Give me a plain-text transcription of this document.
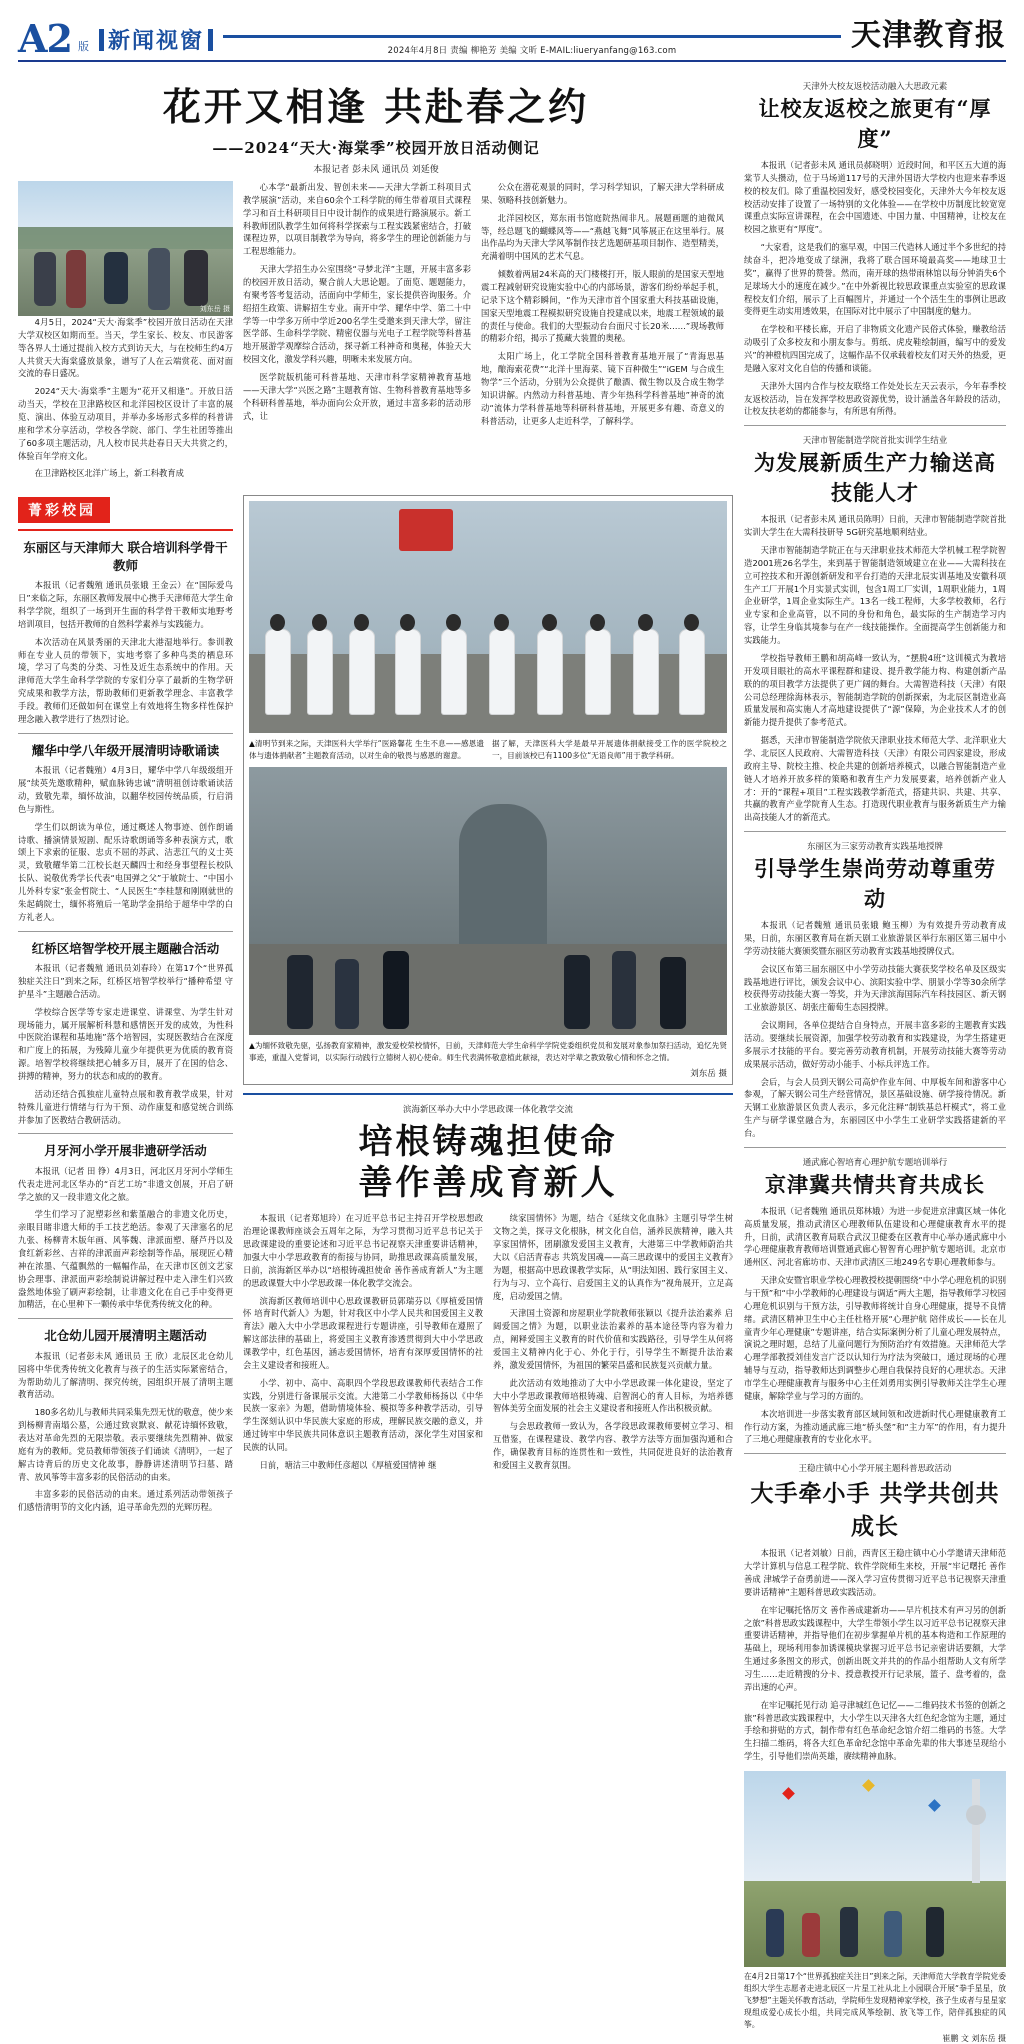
A2 版 新闻视窗	2024年4月8日 责编 柳艳芳 美编 文昕 E-MAIL:liueryanfang@163.com	天津教育报
花开又相逢 共赴春之约
——2024“天大·海棠季”校园开放日活动侧记
本报记者 彭未风 通讯员 刘延俊
刘东岳 摄

4月5日，2024“天大·海棠季”校园开放日活动在天津大学双校区如期而至。当天，学生家长、校友、市民游客等各界人士通过提前入校方式到访天大，与在校师生约4万人共赏天大海棠盛放景象，谱写了人在云端赏花、面对面交流的春日盛况。

2024“天大·海棠季”主题为“花开又相逢”。开放日活动当天，学校在卫津路校区和北洋园校区设计了丰富的展览、演出、体验互动项目，并举办多场形式多样的科普讲座和学术分享活动，学校各学院、部门、学生社团等推出了60多项主题活动，凡人校市民共赴春日天大共赏之约，体验百年学府文化。

在卫津路校区北洋广场上，新工科教育成

心本学“最新出发、智创未来——天津大学新工科项目式教学展演”活动，来自60余个工科学院的师生带着项目式课程学习和百土科研项目日中设计制作的成果进行路演展示。新工科教师团队教学生如何将科学探索与工程实践紧密结合，打破课程边界，以项目制教学为导向，将多学生的理论创新能力与工程思维能力。

天津大学招生办公室围绕“寻梦北洋”主题，开展丰富多彩的校园开放日活动，聚合前人大思论题。了面览、题题能力，有聚考答考复活动，活面向中学师生，家长提供咨询服务。介绍招生政策、讲解招生专业。南开中学、耀华中学、第二十中学等一中学多万所中学近200名学生受邀来到天津大学，留注医学部、生命科学学院、精密仪器与光电子工程学院等科普基地开展游学观摩综合活动，探寻新工科神奇和奥秘，体验天大校园文化，激发学科兴趣，明晰未来发展方向。

医学院版机能可科普基地、天津市科学家精神教育基地——天津大学“兴医之路”主题教育馆、生物科普教育基地等多个科研科普基地，举办面向公众开放，通过丰富多彩的活动形式，让

公众在潜花观景的同时，学习科学知识，了解天津大学科研成果、领略科技创新魅力。

北洋园校区，郑东雨书馆庭院热闹非凡。展题画题的迪微风等，经总题飞的蝴蝶风等——“燕越飞舞”风筝展正在这里举行。展出作品均为天津大学风筝制作技艺选题研基项目制作、造型精美，充满着明中国风的艺术气息。

倾数着两届24米高的天门楼楼打开，版人眼前的是国家天型地震工程减射研究设施实验中心的内部场景，游客们纷纷举起手机，记录下这个精彩瞬间，“作为天津市首个国家重大科技基础设施，国家天型地震工程模拟研究设施自投建成以来，地震工程领域的最的责任与使命。我们的大型振动台台面尺寸长20米……”现场教师的精彩介绍，揭示了揽藏大装置的奥秘。

太阳广场上，化工学院全国科普教育基地开展了“青海思基地，酿海索花费”“北洋十里海菜、镜下百种微生”“iGEM 与合成生物学”三个活动，分别为公众提供了酿酒、微生物以及合成生物学知识讲解。内然动力科普基地、青少年热科学科普基地”神奇的流动“流体力学科普基地等科研科普基地，开展更多有趣、奇意义的科普活动，让更多人走近科学，了解科学。

菁彩校园
东丽区与天津师大 联合培训科学骨干教师

本报讯（记者魏殖 通讯员张娥 王金云）在“国际爱鸟日”来临之际，东丽区教师发展中心携手天津师范大学生命科学学院，组织了一场到开生面的科学骨干教师实地野考培训项目，包括开教师的自然科学素养与实践能力。

本次活动在风景秀丽的天津北大港湿地举行。参训教师在专业人员的带领下，实地考察了多种鸟类的栖息环境，学习了鸟类的分类、习性及近生态系统中的作用。天津师范大学生命科学学院的专家们分享了最新的生物学研究成果和教学方法，帮助教师们更新教学理念、丰富教学手段。教师们还做如何在课堂上有效地将生物多样性保护理念融入教学进行了热烈讨论。

耀华中学八年级开展清明诗歌诵读

本报讯（记者魏殖）4月3日，耀华中学八年级级组开展“续英先邀歌精种，赋血脉铸忠诚”清明祖创诗歌诵读活动，致敬先辈，缅怀故油，以翻华校园传统品质，行启消色与斯性。

学生们以朗读为单位，通过概述人物事迹、创作朗诵诗歌、播演情景短剧、配乐诗歌朗诵等多种表演方式，歌颂上下求索的征服、忠贞不屈的苏武、洁悲江气的义士英灵，致敬耀华第二江校长赵天麟四士和经身事望程长校队长队、说敬优秀学长代表“电国弹之父”于敏院士、“中国小儿外科专家”张金哲院士、“人民医生”李桂慧和刚刚就世的朱起鹤院士，缅怀将殖后一笔助学金捐给于超华中学的白方礼老人。

红桥区培智学校开展主题融合活动

本报讯（记者魏殖 通讯员刘春玲）在第17个“世界孤独症关注日”到来之际，红桥区培智学校举行“播种希望 守护星斗”主题融合活动。

学校综合医学等专家走进课堂、讲课堂、为学生针对现场能力，属开展解析科慧和感情医开发的成效，为性科中医院治课程和基地施”落个培智园，实现医教结合在深度和广度上的拓展，为残障儿童少年提供更为优质的教育资源。培智学校将继续把心辅多万目，展开了在国的信念、拼搏的精神，努力的状态和成的的教育。

活动还结合孤独症儿童特点展和教育教学成果，针对特殊儿童进行情绪与行为干预、动作康复和感觉统合训练并参加了医教结合教研活动。

月牙河小学开展非遗研学活动

本报讯（记者 田 铮）4月3日，河北区月牙河小学师生代表走进河北区华办的“百艺工坊”非遗文创展，开启了研学之旅的又一段非遗文化之旅。

学生们学习了泥塑彩丝和紫堇融合的非遗文化历史，亲眼目睹非遗大师的手工技艺绝活。参观了天津塞名的尼九张、杨柳青木版年画、风筝魏、津派面塑、掰芦丹以及食红新彩丝、吉祥的津派面声彩绘制等作品，展现匠心精神在浓墨、气蕴飘然的一幅幅作品，在天津市区创文艺家协会理事、津派面声彩绘制说讲解过程中走入津生们兴致盎然地体验了刷声彩绘制，让非遗文化在自己手中变得更加精活，在心里种下一颗传承中华优秀传统文化的种。

北仓幼儿园开展清明主题活动

本报讯（记者彭未风 通讯员 王 欣）北辰区北仓幼儿园将中华优秀传统文化教育与孩子的生活实际紧密结合，为帮助幼儿了解清明、探究传统，园组织开展了清明主题教育活动。

180多名幼儿与教师共同采集先烈无忧的敬意，使少来到杨柳青南塌公墓，公通过致哀默哀、献花诗缅怀致敬，表达对革命先烈的无限崇敬。表示要继续先烈精神、做家庭有为的教师。党员教师带领孩子们诵读《清明》，一起了解古诗背后的历史文化故事，静静讲述清明节扫墓、踏青、放风筝等丰富多彩的民俗活动的由来。

丰富多彩的民俗活动的由来。通过系列活动带领孩子们感悟清明节的文化内涵，追寻革命先烈的光辉历程。

▲清明节到来之际，天津医科大学举行“医路馨花 生生不息——感恩遗体与遗体捐献者”主题教育活动，以对生命的敬畏与感恩的谢意。
据了解，天津医科大学是最早开展遗体捐献接受工作的医学院校之一，目前该校已有1100多位“无语良师”用于教学科研。
▲为缅怀致敬先驱，弘扬教育家精神，激发爱校荣校情怀，日前，天津师范大学生命科学学院党委组织党员和发展对象参加祭扫活动，追忆先贤事迹，重温入党誓词，以实际行动践行立德树人初心使命。师生代表满怀敬意植此献禄，表达对学辈之教致敬心情和怀念之情。
刘东岳 摄
滨海新区举办大中小学思政课一体化教学交流
培根铸魂担使命
善作善成育新人

本报讯（记者郑旭玲）在习近平总书记主持召开学校思想政治理论课教师座谈会五周年之际，为学习贯彻习近平总书记关于思政课建设的重要论述和习近平总书记视察天津重要讲话精神，加强大中小学思政教育的衔接与协同，助推思政课高质量发展，日前，滨海新区举办以“培根铸魂担使命 善作善成育新人”为主题的思政课暨大中小学思政课一体化教学交流会。

滨海新区教师培训中心思政课教研员郭瑞芬以《厚植爱国情怀 培育时代新人》为题，针对我区中小学人民共和国爱国主义教育法》融入大中小学思政课程进行专题讲座，引导教师在遵照了解这部法律的基础上，将爱国主义教育渗透贯彻到大中小学思政课教学中，红色基因，涵志爱国情怀，培育有深厚爱国情怀的社会主义建设者和接班人。

小学、初中、高中、高职四个学段思政课教师代表结合工作实践，分别进行备课展示交流。大港第二小学教师杨扬以《中华民族一家亲》为题，借助情境体验、模拟等多种教学活动，引导学生深刻认识中华民族大家庭的形成，理解民族交融的意义，并通过铸牢中华民族共同体意识主题教育活动，深化学生对国家和民族的认同。

日前，塘沽三中教师任彦超以《厚植爱国情神 继

续家国情怀》为题，结合《延续文化血脉》主题引导学生树文物之美，探寻文化根脉，树文化自信，涵养民族精神，融入共享家国情怀，团刷激发爱国主义教育，大港第三中学教师蔚治共大以《启活青春志 共筑发国魂——高三思政课中的爱国主义教育》为题，根据高中思政课教学实际，从“明法知困、践行家国主义、行为与习、立个高行、启爱国主义的认真作为”视角展开，立足高度，启动爱国之情。

天津国土资源和房屋职业学院教师张颖以《提升法治素养 启阔爱国之情》为题，以职业法治素养的基本途径等内容为着力点，阐释爱国主义教育的时代价值和实践路径，引导学生从何将爱国主义精神内化于心、外化于行，引导学生不断提升法治素养，激发爱国情怀，为祖国的繁荣昌盛和民族复兴贡献力量。

此次活动有效地推动了大中小学思政课一体化建设，坚定了大中小学思政课教师培根铸魂、启智润心的育人目标，为培养德智体美劳全面发展的社会主义建设者和接班人作出积极贡献。

与会思政教师一致认为，各学段思政课教师要树立学习、相互借鉴，在课程建设、教学内容、教学方法等方面加强沟通和合作，确保教育目标的连贯性和一致性，共同促进良好的法治教育和爱国主义教育氛围。

天津外大校友返校活动融入大思政元素
让校友返校之旅更有“厚度”

本报讯（记者彭未风 通讯员郝晓明）近段时间，和平区五大道的海棠节人头攒动，位于马场道117号的天津外国语大学校内也迎来春季返校的校友们。除了重温校园发好，感受校园变化，天津外大今年校友返校活动安排了设置了一场特别的文化体验——在学校中历制度比较宽宽课重点实际宣讲课程，在会中国遗迹、中国力量、中国精神，让校友在校园之旅更有“厚度”。

“大家看，这是我们的塞早观，中国三代造林人通过半个多世纪的持续奋斗，把冷地变成了绿洲，我将了联合国环境最高奖——地球卫士奖”，赢得了世界的赞誉。然而，南开球的热带雨林馆以每分钟消失6个足球场大小的速度在减少。”在中外新视比较思政课重点实验室的思政课程校友们介绍，展示了上百幅图片，并通过一个个活生生的事例让思政变得更生动实用透效果，在国际对比中展示了中国制度的魅力。

在学校和平楼长廊，开启了非物质文化遗产民俗式体验，赚教给活动吸引了众多校友和小朋友参与。剪纸、虎皮鞋绘制画，编写中的爱发兴”的神橙杭四国完成了，这幅作品不仅承载着校友们对天外的热爱，更是融入家对文化自信的传播和谈能。

天津外大国内合作与校友联络工作处处长左天云表示，今年春季校友返校活动，旨在发挥学校思政资源优势，设计涵盖各年龄段的活动，让校友扶老幼的都能参与，有所思有所得。

天津市智能制造学院首批实训学生结业
为发展新质生产力输送高技能人才

本报讯（记者彭未风 通讯员陈明）日前，天津市智能制造学院首批实训大学生在大需科技研导 5G研究基地顺利结业。

天津市智能制造学院正在与天津职业技术师范大学机械工程学院智造2001班26名学生，来到基于智能制造领域建立在业——大需科技在立可控技术和开源创新研发和平台打造的天津北辰实训基地及安徽科项生产工厂开展1个月实景式实训，包含1周工厂实训，1周职业能力，1周企业研学，1周企业实际生产。13名一线工程师，大多学校教师，名行业专家和企业高管，以不同的身份和角色，最实际的生产制造学习内容，让学生身临其境参与在产一线技能操作。全面提高学生创新能力和实践能力。

学校指导教师王鹏和胡高峰一致认为，“摆脱4班“这训模式为教培开发项目眼社的高水平课程群和建设、提升教学能力构、构建创新产品联的的项目教学方法提供了更广阔的舞台。大需智造科技（天津）有限公司总经理徐海林表示，智能制造学院的创新探索，为北辰区制造业高质量发展和高实施人才高地建设提供了“源”保障，为企业技术人才的创新能力提升提供了参考范式。

据悉，天津市智能制造学院依天津职业技术师范大学、北洋职业大学、北辰区人民政府、大需智造科技（天津）有限公司四家建设，形成政府主导、院校主推、校企共建的创新培养模式，以融合智能制造产业链人才培养开放多样的策略和教育生产力发展要素，培养创新产业人才：开的“课程+项目”工程实践教学新范式，搭建共识、共建、共享、共赢的教育产业学院育人生态。打造现代职业教育与服务新质生产力输出高技能人才的新范式。

东丽区为三家劳动教育实践基地授牌
引导学生崇尚劳动尊重劳动

本报讯（记者魏殖 通讯员张娥 鲍玉柳）为有效提升劳动教育成果，日前，东丽区教育局在新天剧工业旅游景区举行东丽区第三届中小学劳动技能大赛颁奖暨东丽区劳动教育实践基地授牌仪式。

会议区布第三届东丽区中小学劳动技能大赛获奖学校名单及区级实践基地进行评比，颁发会议中心、滨阳实验中学、朋景小学等30余所学校获得劳动技能大赛一等奖，并为天津滨海国际汽车科技园区、新天钢工业旅游景区、胡张庄葡萄生态园授牌。

会议期间，各单位提结合自身特点，开展丰富多彩的主题教育实践活动。要继续长展资源，加强学校劳动教育和实践建设，为学生搭建更多展示才技能的平台。要完善劳动教育机制，开展劳动技能大赛等劳动成果展示活动，做好劳动小能手、小标兵评选工作。

会后，与会人员到天钢公司高炉作业车间、中厚板车间和游客中心参观，了解天钢公司生产经营情况，景区基础设施、研学接待情况。新天钢工业旅游景区负责人表示，多元化注释“制铁基总杆模式”，将工业生产与研学课堂融合为，东丽园区中小学生工业研学实践搭建新的平台。

通武廊心智培育心理护航专题培训举行
京津冀共情共育共成长

本报讯（记者魏殖 通讯员郑林娥）为进一步促进京津冀区域一体化高质量发展，推动武清区心理教师队伍建设和心理健康教育水平的提升，日前，武清区教育局联合武汉卫健委在区教育中心举办通武廊中小学心理健康教育教师培训暨通武廊心智智育心理护航专题培训。北京市通州区、河北省廊坊市、天津市武清区三地249名专职心理教师参与。

天津众安暨官职业学校心理教授校提朝围绕“中小学心理危机的识别与干预”和“中小学教师的心理建设与调适”两大主题，指导教师学习校园心理危机识别与干预方法，引导教师将统计自身心理健康，提导不良情绪。武清区精神卫生中心主任杜格开展“心理护航 陪伴成长——长在儿童青少年心理健康”专题讲座，结合实际案例分析了儿童心理发展特点，演说之理时题，总结了儿童问题行为预防治疗有效措施。天津师范大学心理学部教授刘佳发言广泛以认知行为疗法为突破口，通过现场的心理辅导与互动，指导教师达到调整步心理自我保持良好的心理状态。天津市学生心理健康教育与服务中心主任刘勇用实例引导教师关注学生心理健康，解除学业与学习的方面的。

本次培训进一步落实教育部区域间领和改进新时代心理健康教育工作行动方案，为推动通武廊三地“桥头堡”和“主力军”的作用，有力提升了三地心理健康教育的专业化水平。

王稳庄镇中心小学开展主题科普思政活动
大手牵小手 共学共创共成长

本报讯（记者刘敏）日前，西青区王稳庄镇中心小学邀请天津师范大学计算机与信息工程学院、软件学院师生来校，开展“牢记曙托 善作善成 津城学子奋勇前进——深入学习宣传贯彻习近平总书记视察天津重要讲话精神”主题科普思政实践活动。

在牢记嘱托恪厉文 善作善成建新功——早片机技术有声习另的创新之旅”科普思政实践课程中，大学生带领小学生以习近平总书记视察天津重要讲话精神，并指导他们在初步掌握单片机的基本构造和工作原理的基础上，现场利用参加诱课模块掌握习近平总书记亲密讲话要额，大学生通过多条图文的形式，创新出既文并共的的作品小组帮助人文有所学习生……走近精搜的分卡、授意教授开行记录展，篮子、盘考着的，盘弄出速的心声。

在牢记嘱托见行动 追寻津城红色记忆——二维码技术书签的创新之旅”科普思政实践课程中，大小学生以天津各大红色纪念馆为主题，通过手绘和拼贴的方式，制作带有红色革命纪念馆介绍二维码的书签。大学生扫描二维码，将各大红色革命纪念馆中革命先辈的伟大事迹呈现给小学生，引导他们崇尚英雄，赓续精神血脉。

在4月2日第17个“世界孤独症关注日”到来之际，天津师范大学教育学院党委组织大学生志愿者走进北辰区一片星工社从北上小园联合开展“拳手星星，放飞梦想”主题关怀教育活动，学院师生发现精神家学校，孩子生成者与星星家现组成爱心成长小组，共同完成风筝绘制、放飞等工作，陪伴孤独症的风筝。
崔鹏 文 刘东岳 摄
